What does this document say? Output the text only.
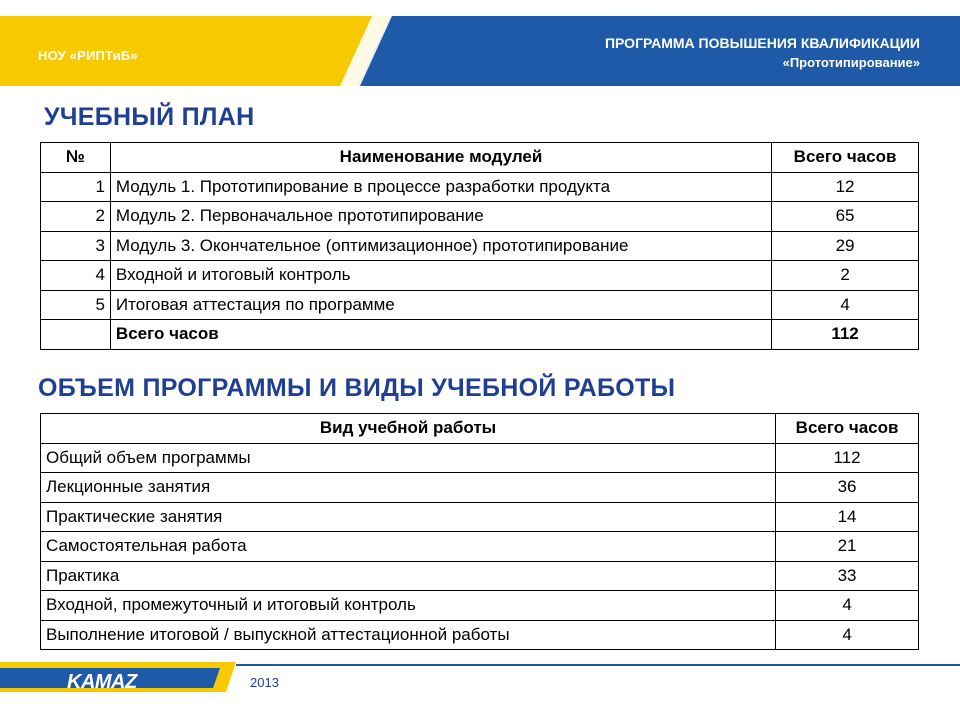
НОУ «РИПТиБ»
ПРОГРАММА ПОВЫШЕНИЯ КВАЛИФИКАЦИИ
«Прототипирование»
УЧЕБНЫЙ ПЛАН
№	Наименование модулей	Всего часов
1	Модуль 1. Прототипирование в процессе разработки продукта	12
2	Модуль 2. Первоначальное прототипирование	65
3	Модуль 3. Окончательное (оптимизационное) прототипирование	29
4	Входной и итоговый контроль	2
5	Итоговая аттестация по программе	4
	Всего часов	112
ОБЪЕМ ПРОГРАММЫ И ВИДЫ УЧЕБНОЙ РАБОТЫ
Вид учебной работы	Всего часов
Общий объем программы	112
Лекционные занятия	36
Практические занятия	14
Самостоятельная работа	21
Практика	33
Входной, промежуточный и итоговый контроль	4
Выполнение итоговой / выпускной аттестационной работы	4
KAMAZ	2013
